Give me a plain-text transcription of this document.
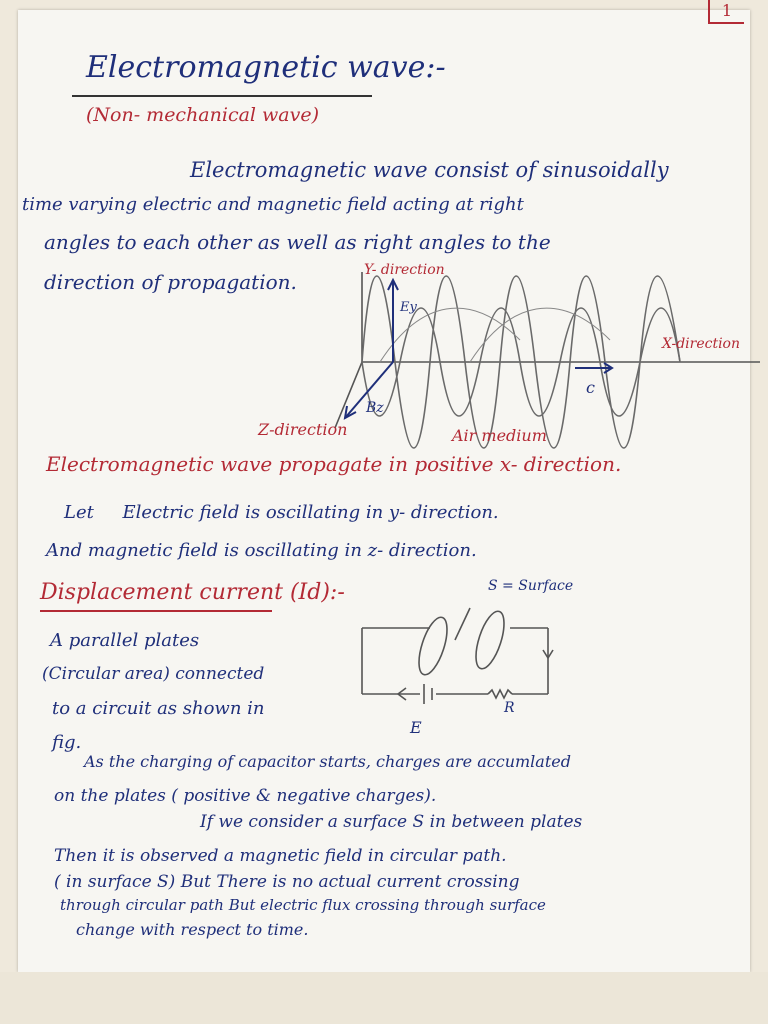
1
Electromagnetic wave:-
(Non- mechanical wave)
Electromagnetic wave consist of sinusoidally
time varying electric and magnetic field acting at right
angles to each other as well as right angles to the
direction of propagation.	Y- direction
X-direction
Z-direction
Ey
Bz
c
Air medium
Electromagnetic wave propagate in positive x- direction.
Let     Electric field is oscillating in y- direction.
And magnetic field is oscillating in z- direction.
Displacement current (Id):-	S = Surface
E
R
A parallel plates
(Circular area) connected
to a circuit as shown in
fig.
As the charging of capacitor starts, charges are accumlated
on the plates ( positive & negative charges).
If we consider a surface S in between plates
Then it is observed a magnetic field in circular path.
( in surface S) But There is no actual current crossing
through circular path But electric flux crossing through surface
change with respect to time.
